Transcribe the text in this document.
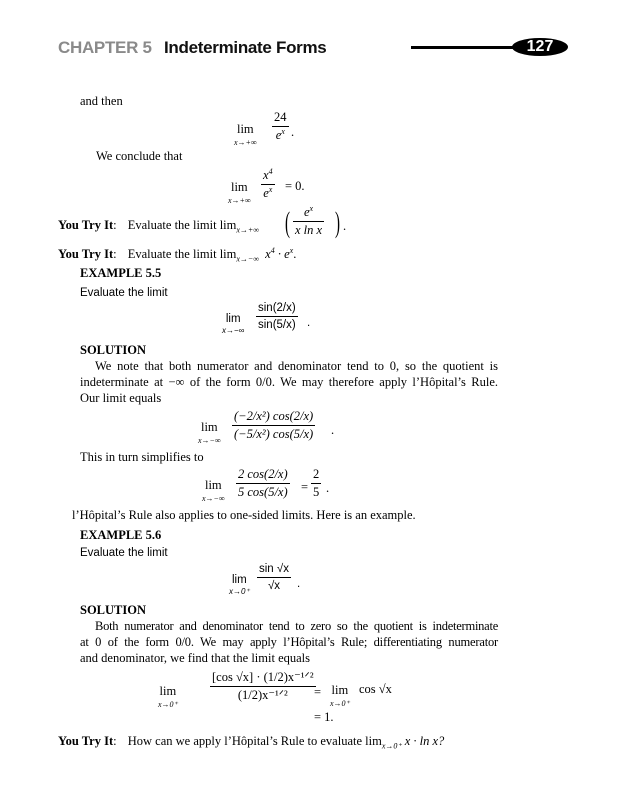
CHAPTER 5 Indeterminate Forms	127
and then
lim
x→+∞
24
$e^x$ .
We conclude that
lim
x→+∞
$x^4$
$e^x = 0$.
You Try It: Evaluate the limit $\lim_{x\to+\infty}$ ( $e^x$
x ln x ) .
You Try It: Evaluate the limit $\lim_{x\to-\infty} x^4 \cdot e^x$.
EXAMPLE 5.5
Evaluate the limit
lim
x→−∞
sin(2/x)
sin(5/x) .
SOLUTION
We note that both numerator and denominator tend to 0, so the quotient is
indeterminate at −∞ of the form 0/0. We may therefore apply l’Hôpital’s Rule.
Our limit equals
lim
x→−∞
(−2/x²) cos(2/x)
(−5/x²) cos(5/x) .
This in turn simplifies to
lim
x→−∞
2 cos(2/x)
5 cos(5/x) =
2
5 .
l’Hôpital’s Rule also applies to one-sided limits. Here is an example.
EXAMPLE 5.6
Evaluate the limit
lim
x→0⁺
sin √x
√x .
SOLUTION
Both numerator and denominator tend to zero so the quotient is indeterminate
at 0 of the form 0/0. We may apply l’Hôpital’s Rule; differentiating numerator
and denominator, we find that the limit equals
lim
x→0⁺
[cos √x] · (1/2)x⁻¹ᐟ²
(1/2)x⁻¹ᐟ² = lim
x→0⁺
cos √x
= 1.
You Try It: How can we apply l’Hôpital’s Rule to evaluate $\lim_{x\to 0^+} x \cdot \ln x$?
